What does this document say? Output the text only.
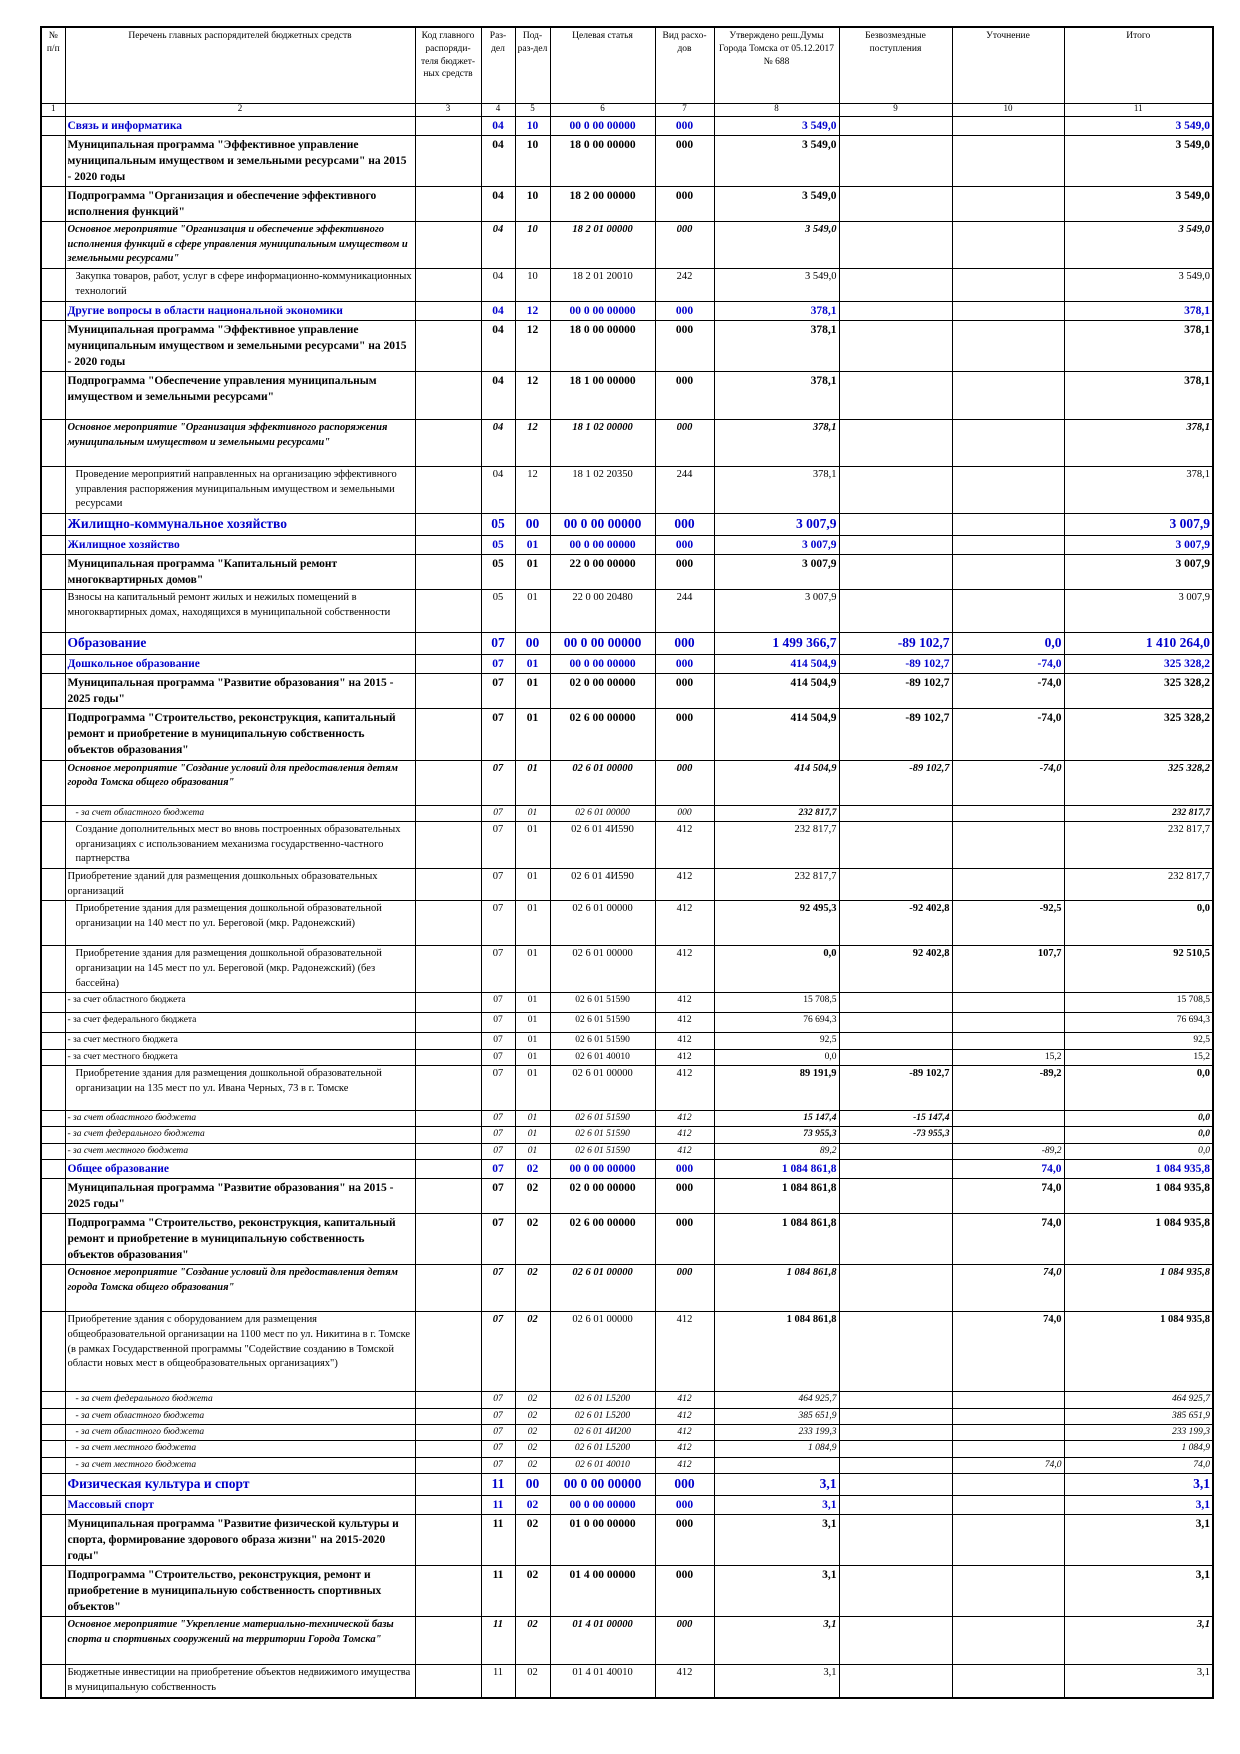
№ п/п	Перечень главных распорядителей бюджетных средств	Код главного распоряди-теля бюджет-ных средств	Раз-дел	Под-раз-дел	Целевая статья	Вид расхо-дов	Утверждено реш.Думы Города Томска от 05.12.2017 № 688	Безвозмездные поступления	Уточнение	Итого
1	2	3	4	5	6	7	8	9	10	11
	Связь и информатика		04	10	00 0 00 00000	000	3 549,0			3 549,0
	Муниципальная программа "Эффективное управление муниципальным имуществом и земельными ресурсами" на 2015 - 2020 годы		04	10	18 0 00 00000	000	3 549,0			3 549,0
	Подпрограмма "Организация и обеспечение эффективного исполнения функций"		04	10	18 2 00 00000	000	3 549,0			3 549,0
	Основное мероприятие "Организация и обеспечение эффективного исполнения функций в сфере управления муниципальным имуществом и земельными ресурсами"		04	10	18 2 01 00000	000	3 549,0			3 549,0
	Закупка товаров, работ, услуг в сфере информационно-коммуникационных технологий		04	10	18 2 01 20010	242	3 549,0			3 549,0
	Другие вопросы в области национальной экономики		04	12	00 0 00 00000	000	378,1			378,1
	Муниципальная программа "Эффективное управление муниципальным имуществом и земельными ресурсами" на 2015 - 2020 годы		04	12	18 0 00 00000	000	378,1			378,1
	Подпрограмма "Обеспечение управления муниципальным имуществом и земельными ресурсами"		04	12	18 1 00 00000	000	378,1			378,1
	Основное мероприятие "Организация эффективного распоряжения муниципальным имуществом и земельными ресурсами"		04	12	18 1 02 00000	000	378,1			378,1
	Проведение мероприятий направленных на организацию эффективного управления распоряжения муниципальным имуществом и земельными ресурсами		04	12	18 1 02 20350	244	378,1			378,1
	Жилищно-коммунальное хозяйство		05	00	00 0 00 00000	000	3 007,9			3 007,9
	Жилищное хозяйство		05	01	00 0 00 00000	000	3 007,9			3 007,9
	Муниципальная программа "Капитальный ремонт многоквартирных домов"		05	01	22 0 00 00000	000	3 007,9			3 007,9
	Взносы на капитальный ремонт жилых и нежилых помещений в многоквартирных домах, находящихся в муниципальной собственности		05	01	22 0 00 20480	244	3 007,9			3 007,9
	Образование		07	00	00 0 00 00000	000	1 499 366,7	-89 102,7	0,0	1 410 264,0
	Дошкольное образование		07	01	00 0 00 00000	000	414 504,9	-89 102,7	-74,0	325 328,2
	Муниципальная программа "Развитие образования" на 2015 - 2025 годы"		07	01	02 0 00 00000	000	414 504,9	-89 102,7	-74,0	325 328,2
	Подпрограмма "Строительство, реконструкция, капитальный ремонт и приобретение в муниципальную собственность объектов образования"		07	01	02 6 00 00000	000	414 504,9	-89 102,7	-74,0	325 328,2
	Основное мероприятие "Создание условий для предоставления детям города Томска общего образования"		07	01	02 6 01 00000	000	414 504,9	-89 102,7	-74,0	325 328,2
	- за счет областного бюджета		07	01	02 6 01 00000	000	232 817,7			232 817,7
	Создание дополнительных мест во вновь построенных образовательных организациях с использованием механизма государственно-частного партнерства		07	01	02 6 01 4И590	412	232 817,7			232 817,7
	Приобретение зданий для размещения дошкольных образовательных организаций		07	01	02 6 01 4И590	412	232 817,7			232 817,7
	Приобретение здания для размещения дошкольной образовательной организации на 140 мест по ул. Береговой (мкр. Радонежский)		07	01	02 6 01 00000	412	92 495,3	-92 402,8	-92,5	0,0
	Приобретение здания для размещения дошкольной образовательной организации на 145 мест по ул. Береговой (мкр. Радонежский) (без бассейна)		07	01	02 6 01 00000	412	0,0	92 402,8	107,7	92 510,5
	- за счет областного бюджета		07	01	02 6 01 51590	412	15 708,5			15 708,5
	- за счет федерального бюджета		07	01	02 6 01 51590	412	76 694,3			76 694,3
	- за счет местного бюджета		07	01	02 6 01 51590	412	92,5			92,5
	- за счет местного бюджета		07	01	02 6 01 40010	412	0,0		15,2	15,2
	Приобретение здания для размещения дошкольной образовательной организации на 135 мест по ул. Ивана Черных, 73 в г. Томске		07	01	02 6 01 00000	412	89 191,9	-89 102,7	-89,2	0,0
	- за счет областного бюджета		07	01	02 6 01 51590	412	15 147,4	-15 147,4		0,0
	- за счет федерального бюджета		07	01	02 6 01 51590	412	73 955,3	-73 955,3		0,0
	- за счет местного бюджета		07	01	02 6 01 51590	412	89,2		-89,2	0,0
	Общее образование		07	02	00 0 00 00000	000	1 084 861,8		74,0	1 084 935,8
	Муниципальная программа "Развитие образования" на 2015 - 2025 годы"		07	02	02 0 00 00000	000	1 084 861,8		74,0	1 084 935,8
	Подпрограмма "Строительство, реконструкция, капитальный ремонт и приобретение в муниципальную собственность объектов образования"		07	02	02 6 00 00000	000	1 084 861,8		74,0	1 084 935,8
	Основное мероприятие "Создание условий для предоставления детям города Томска общего образования"		07	02	02 6 01 00000	000	1 084 861,8		74,0	1 084 935,8
	Приобретение здания с оборудованием для размещения общеобразовательной организации на 1100 мест по ул. Никитина в г. Томске (в рамках Государственной программы "Содействие созданию в Томской области новых мест в общеобразовательных организациях")		07	02	02 6 01 00000	412	1 084 861,8		74,0	1 084 935,8
	- за счет федерального бюджета		07	02	02 6 01 L5200	412	464 925,7			464 925,7
	- за счет областного бюджета		07	02	02 6 01 L5200	412	385 651,9			385 651,9
	- за счет областного бюджета		07	02	02 6 01 4И200	412	233 199,3			233 199,3
	- за счет местного бюджета		07	02	02 6 01 L5200	412	1 084,9			1 084,9
	- за счет местного бюджета		07	02	02 6 01 40010	412			74,0	74,0
	Физическая культура и спорт		11	00	00 0 00 00000	000	3,1			3,1
	Массовый спорт		11	02	00 0 00 00000	000	3,1			3,1
	Муниципальная программа "Развитие физической культуры и спорта, формирование здорового образа жизни" на 2015-2020 годы"		11	02	01 0 00 00000	000	3,1			3,1
	Подпрограмма "Строительство, реконструкция, ремонт и приобретение в муниципальную собственность спортивных объектов"		11	02	01 4 00 00000	000	3,1			3,1
	Основное мероприятие "Укрепление материально-технической базы спорта и спортивных сооружений на территории Города Томска"		11	02	01 4 01 00000	000	3,1			3,1
	Бюджетные инвестиции на приобретение объектов недвижимого имущества в муниципальную собственность		11	02	01 4 01 40010	412	3,1			3,1
